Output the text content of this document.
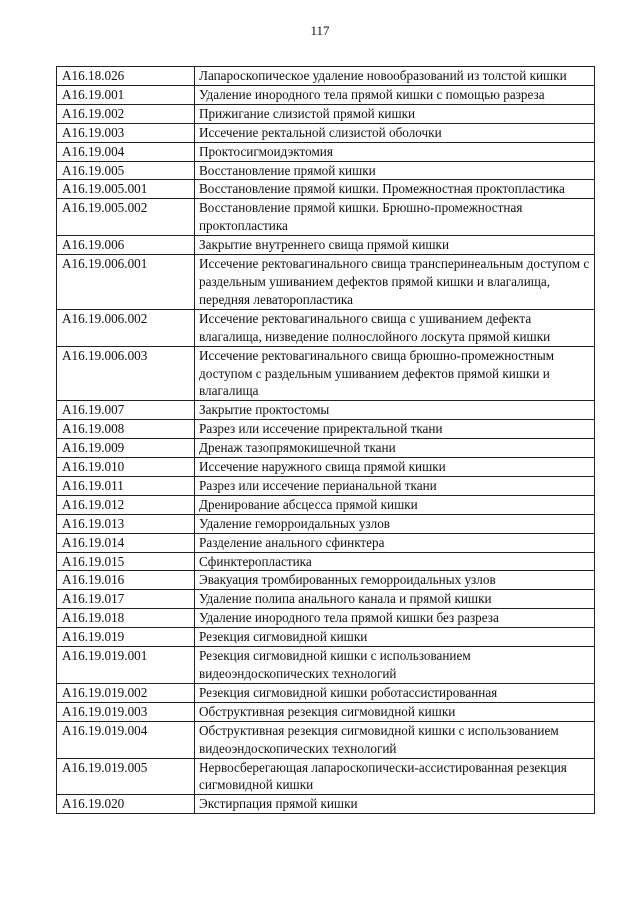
117
A16.18.026	Лапароскопическое удаление новообразований из толстой кишки
A16.19.001	Удаление инородного тела прямой кишки с помощью разреза
A16.19.002	Прижигание слизистой прямой кишки
A16.19.003	Иссечение ректальной слизистой оболочки
A16.19.004	Проктосигмоидэктомия
A16.19.005	Восстановление прямой кишки
A16.19.005.001	Восстановление прямой кишки. Промежностная проктопластика
A16.19.005.002	Восстановление прямой кишки. Брюшно-промежностная проктопластика
A16.19.006	Закрытие внутреннего свища прямой кишки
A16.19.006.001	Иссечение ректовагинального свища трансперинеальным доступом с раздельным ушиванием дефектов прямой кишки и влагалища, передняя леваторопластика
A16.19.006.002	Иссечение ректовагинального свища с ушиванием дефекта влагалища, низведение полнослойного лоскута прямой кишки
A16.19.006.003	Иссечение ректовагинального свища брюшно-промежностным доступом с раздельным ушиванием дефектов прямой кишки и влагалища
A16.19.007	Закрытие проктостомы
A16.19.008	Разрез или иссечение приректальной ткани
A16.19.009	Дренаж тазопрямокишечной ткани
A16.19.010	Иссечение наружного свища прямой кишки
A16.19.011	Разрез или иссечение перианальной ткани
A16.19.012	Дренирование абсцесса прямой кишки
A16.19.013	Удаление геморроидальных узлов
A16.19.014	Разделение анального сфинктера
A16.19.015	Сфинктеропластика
A16.19.016	Эвакуация тромбированных геморроидальных узлов
A16.19.017	Удаление полипа анального канала и прямой кишки
A16.19.018	Удаление инородного тела прямой кишки без разреза
A16.19.019	Резекция сигмовидной кишки
A16.19.019.001	Резекция сигмовидной кишки с использованием видеоэндоскопических технологий
A16.19.019.002	Резекция сигмовидной кишки роботассистированная
A16.19.019.003	Обструктивная резекция сигмовидной кишки
A16.19.019.004	Обструктивная резекция сигмовидной кишки с использованием видеоэндоскопических технологий
A16.19.019.005	Нервосберегающая лапароскопически-ассистированная резекция сигмовидной кишки
A16.19.020	Экстирпация прямой кишки
